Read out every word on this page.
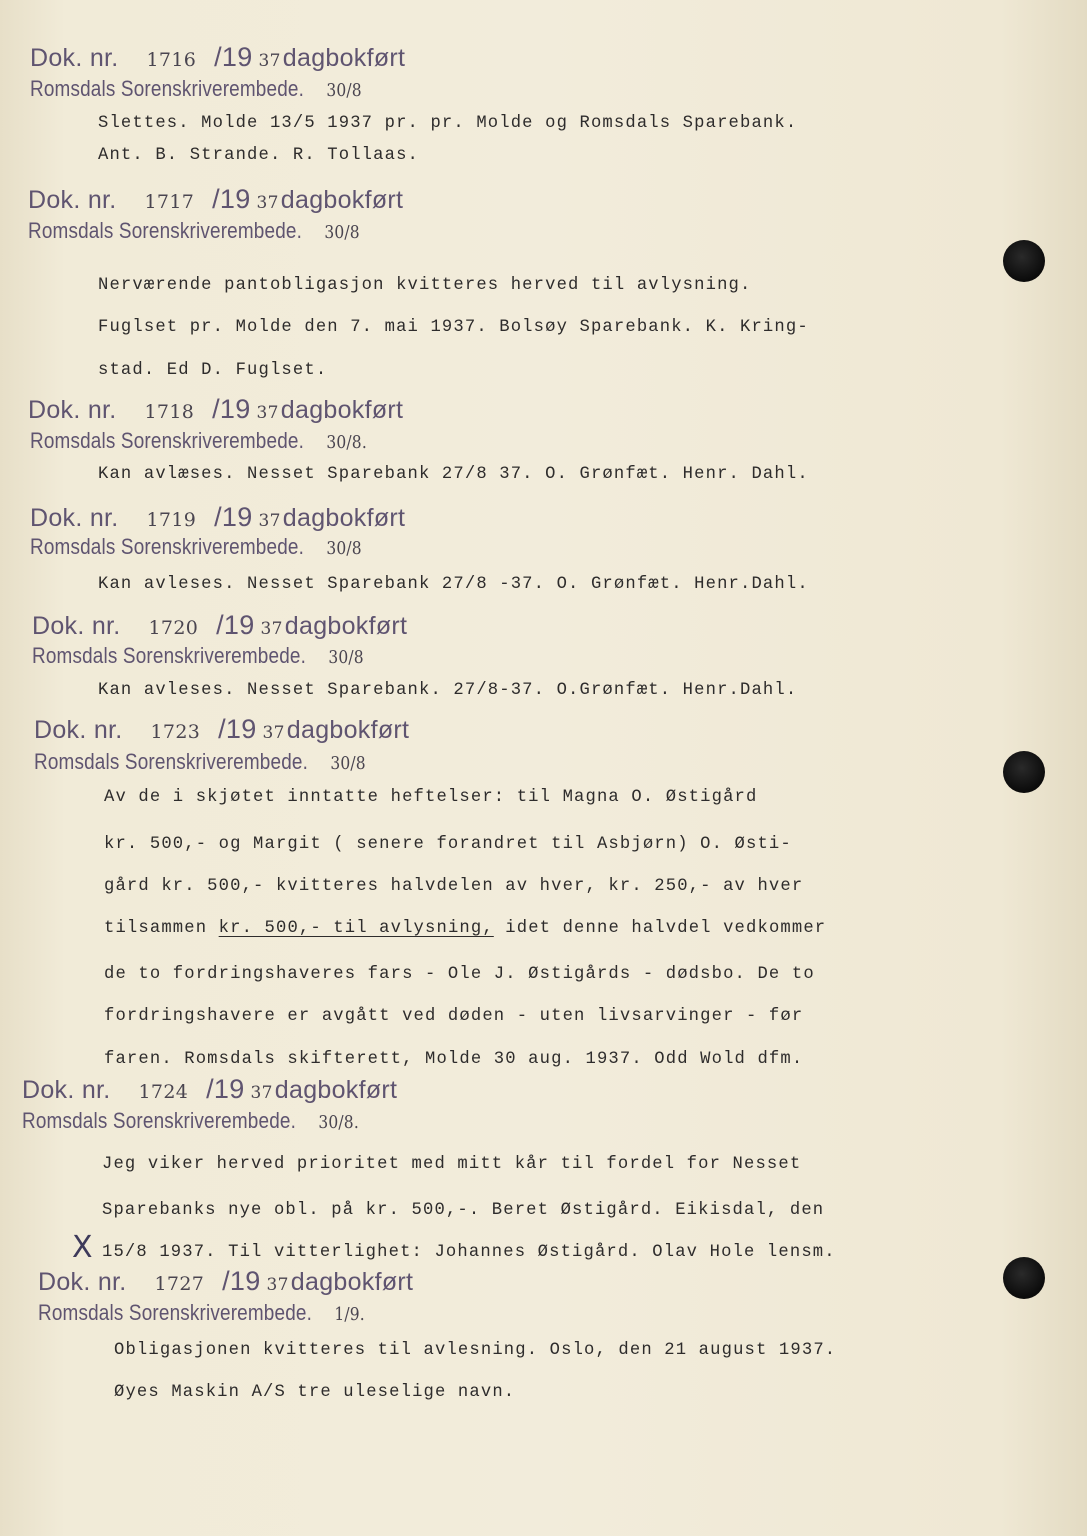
Dok. nr. 1716 /19 37dagbokført
Romsdals Sorenskriverembede. 30/8
Slettes. Molde 13/5 1937 pr. pr. Molde og Romsdals Sparebank.
Ant. B. Strande. R. Tollaas.
Dok. nr. 1717 /19 37dagbokført
Romsdals Sorenskriverembede. 30/8
Nerværende pantobligasjon kvitteres herved til avlysning.
Fuglset pr. Molde den 7. mai 1937. Bolsøy Sparebank. K. Kring-
stad. Ed D. Fuglset.
Dok. nr. 1718 /19 37dagbokført
Romsdals Sorenskriverembede. 30/8.
Kan avlæses. Nesset Sparebank 27/8 37. O. Grønfæt. Henr. Dahl.
Dok. nr. 1719 /19 37dagbokført
Romsdals Sorenskriverembede. 30/8
Kan avleses. Nesset Sparebank 27/8 -37. O. Grønfæt. Henr.Dahl.
Dok. nr. 1720 /19 37dagbokført
Romsdals Sorenskriverembede. 30/8
Kan avleses. Nesset Sparebank. 27/8-37. O.Grønfæt. Henr.Dahl.
Dok. nr. 1723 /19 37dagbokført
Romsdals Sorenskriverembede. 30/8
Av de i skjøtet inntatte heftelser: til Magna O. Østigård
kr. 500,- og Margit ( senere forandret til Asbjørn) O. Østi-
gård kr. 500,- kvitteres halvdelen av hver, kr. 250,- av hver
tilsammen kr. 500,- til avlysning, idet denne halvdel vedkommer
de to fordringshaveres fars - Ole J. Østigårds - dødsbo. De to
fordringshavere er avgått ved døden - uten livsarvinger - før
faren. Romsdals skifterett, Molde 30 aug. 1937. Odd Wold dfm.
Dok. nr. 1724 /19 37dagbokført
Romsdals Sorenskriverembede. 30/8.
Jeg viker herved prioritet med mitt kår til fordel for Nesset
Sparebanks nye obl. på kr. 500,-. Beret Østigård. Eikisdal, den
X 15/8 1937. Til vitterlighet: Johannes Østigård. Olav Hole lensm.
Dok. nr. 1727 /19 37dagbokført
Romsdals Sorenskriverembede. 1/9.
Obligasjonen kvitteres til avlesning. Oslo, den 21 august 1937.
Øyes Maskin A/S tre uleselige navn.
